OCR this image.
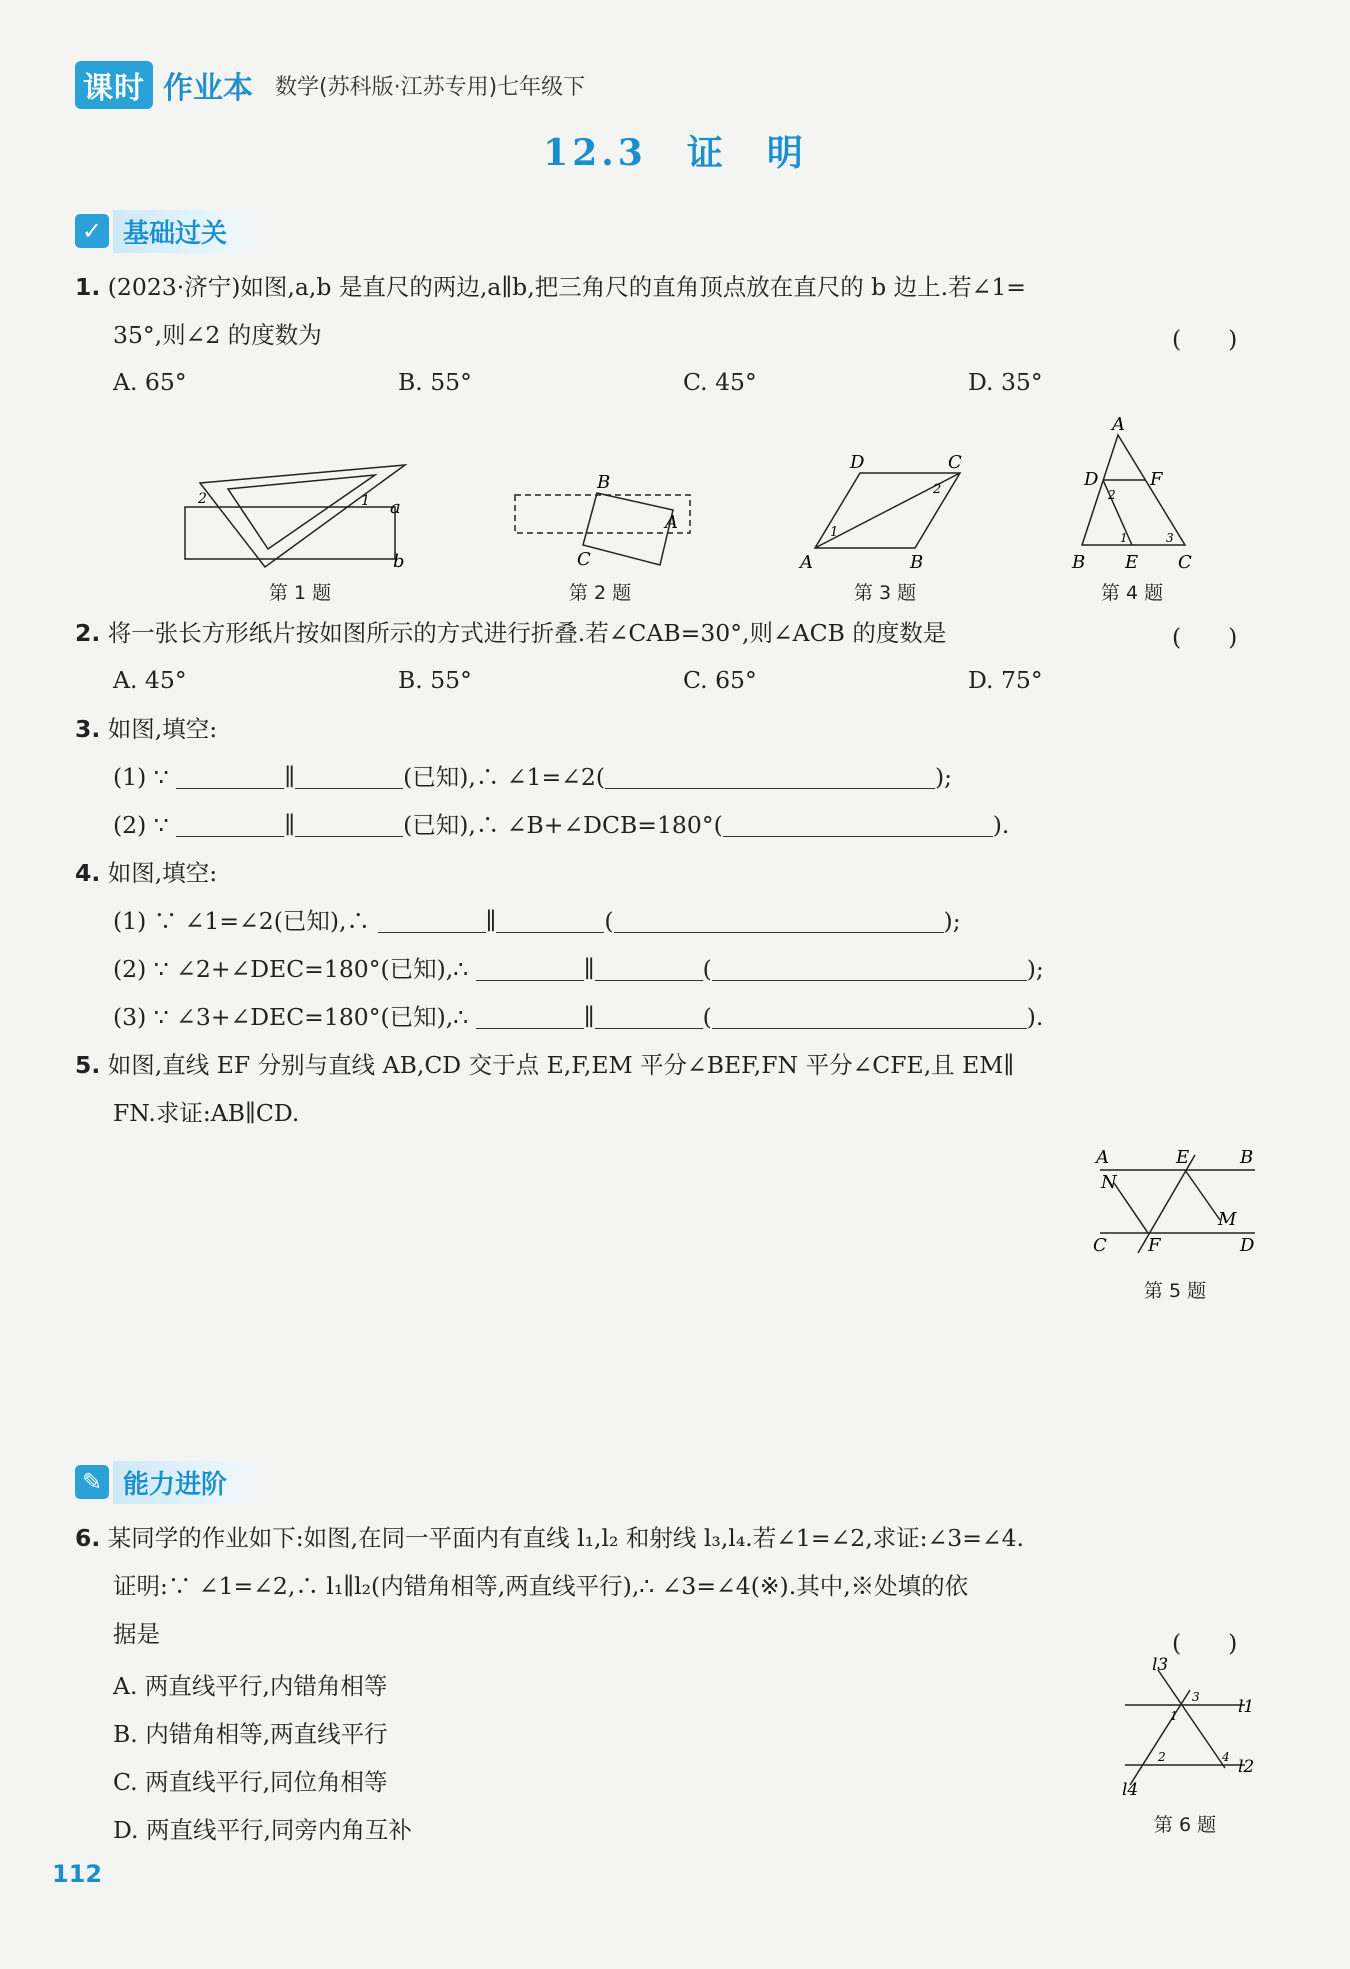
课时 作业本 数学(苏科版·江苏专用)七年级下
12.3　证　明
✓ 基础过关
1. (2023·济宁)如图,a,b 是直尺的两边,a∥b,把三角尺的直角顶点放在直尺的 b 边上.若∠1=
35°,则∠2 的度数为	(　　)
A. 65°	B. 55°	C. 45°	D. 35°
2	1 a
b
第 1 题
B
A
C
第 2 题
D	C
2
1
A	B
第 3 题
A
D	F
2
1	3
B E C
第 4 题
2. 将一张长方形纸片按如图所示的方式进行折叠.若∠CAB=30°,则∠ACB 的度数是	(　　)
A. 45°	B. 55°	C. 65°	D. 75°
3. 如图,填空:
(1) ∵	∥	(已知),∴ ∠1=∠2(	);
(2) ∵	∥	(已知),∴ ∠B+∠DCB=180°(	).
4. 如图,填空:
(1) ∵ ∠1=∠2(已知),∴	∥	(	);
(2) ∵ ∠2+∠DEC=180°(已知),∴	∥	(	);
(3) ∵ ∠3+∠DEC=180°(已知),∴	∥	(	).
5. 如图,直线 EF 分别与直线 AB,CD 交于点 E,F,EM 平分∠BEF,FN 平分∠CFE,且 EM∥
FN.求证:AB∥CD.
A	E	B
N
M
C F	D
第 5 题
✎ 能力进阶
6. 某同学的作业如下:如图,在同一平面内有直线 l₁,l₂ 和射线 l₃,l₄.若∠1=∠2,求证:∠3=∠4.
证明:∵ ∠1=∠2,∴ l₁∥l₂(内错角相等,两直线平行),∴ ∠3=∠4(※).其中,※处填的依
据是	(　　)
A. 两直线平行,内错角相等
B. 内错角相等,两直线平行
C. 两直线平行,同位角相等
D. 两直线平行,同旁内角互补
l3
3
1	l1
2	4 l2
l4
第 6 题
112
